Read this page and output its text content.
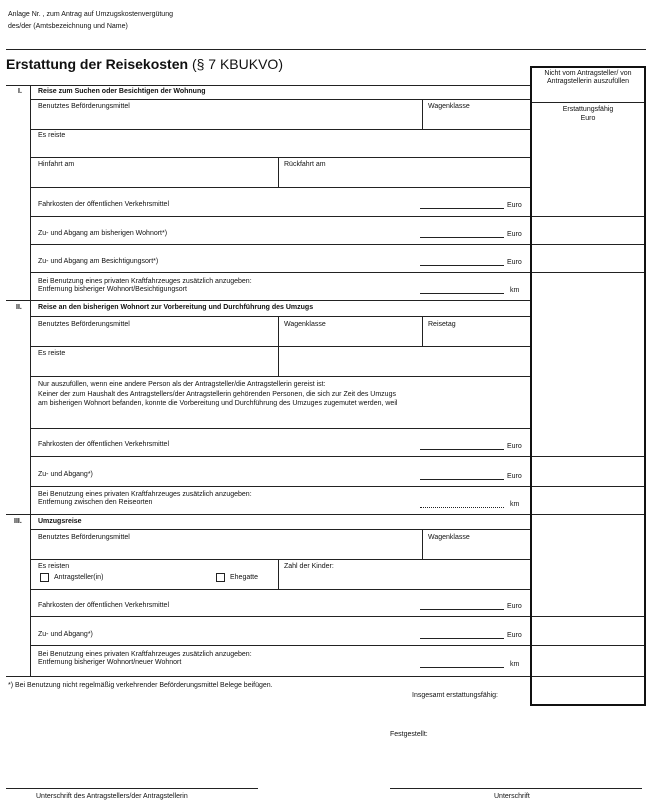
Anlage Nr. , zum Antrag auf Umzugskostenvergütung
des/der (Amtsbezeichnung und Name)
Erstattung der Reisekosten (§ 7 KBUKVO)
Nicht vom Antragsteller/ von Antragstellerin auszufüllen
Erstattungsfähig
Euro
I. Reise zum Suchen oder Besichtigen der Wohnung
Benutztes Beförderungsmittel	Wagenklasse
Es reiste
Hinfahrt am	Rückfahrt am
Fahrkosten der öffentlichen Verkehrsmittel	Euro
Zu- und Abgang am bisherigen Wohnort*)	Euro
Zu- und Abgang am Besichtigungsort*)	Euro
Bei Benutzung eines privaten Kraftfahrzeuges zusätzlich anzugeben:
Entfernung bisheriger Wohnort/Besichtigungsort	km
II. Reise an den bisherigen Wohnort zur Vorbereitung und Durchführung des Umzugs
Benutztes Beförderungsmittel	Wagenklasse	Reisetag
Es reiste
Nur auszufüllen, wenn eine andere Person als der Antragsteller/die Antragstellerin gereist ist:
Keiner der zum Haushalt des Antragstellers/der Antragstellerin gehörenden Personen, die sich zur Zeit des Umzugs
am bisherigen Wohnort befanden, konnte die Vorbereitung und Durchführung des Umzuges zugemutet werden, weil
Fahrkosten der öffentlichen Verkehrsmittel	Euro
Zu- und Abgang*)	Euro
Bei Benutzung eines privaten Kraftfahrzeuges zusätzlich anzugeben:
Entfernung zwischen den Reiseorten	km
III. Umzugsreise
Benutztes Beförderungsmittel	Wagenklasse
Es reisten
Antragsteller(in)	Ehegatte
Zahl der Kinder:
Fahrkosten der öffentlichen Verkehrsmittel	Euro
Zu- und Abgang*)	Euro
Bei Benutzung eines privaten Kraftfahrzeuges zusätzlich anzugeben:
Entfernung bisheriger Wohnort/neuer Wohnort	km
*) Bei Benutzung nicht regelmäßig verkehrender Beförderungsmittel Belege beifügen.
Insgesamt erstattungsfähig:
Festgestellt:
Unterschrift des Antragstellers/der Antragstellerin	Unterschrift
